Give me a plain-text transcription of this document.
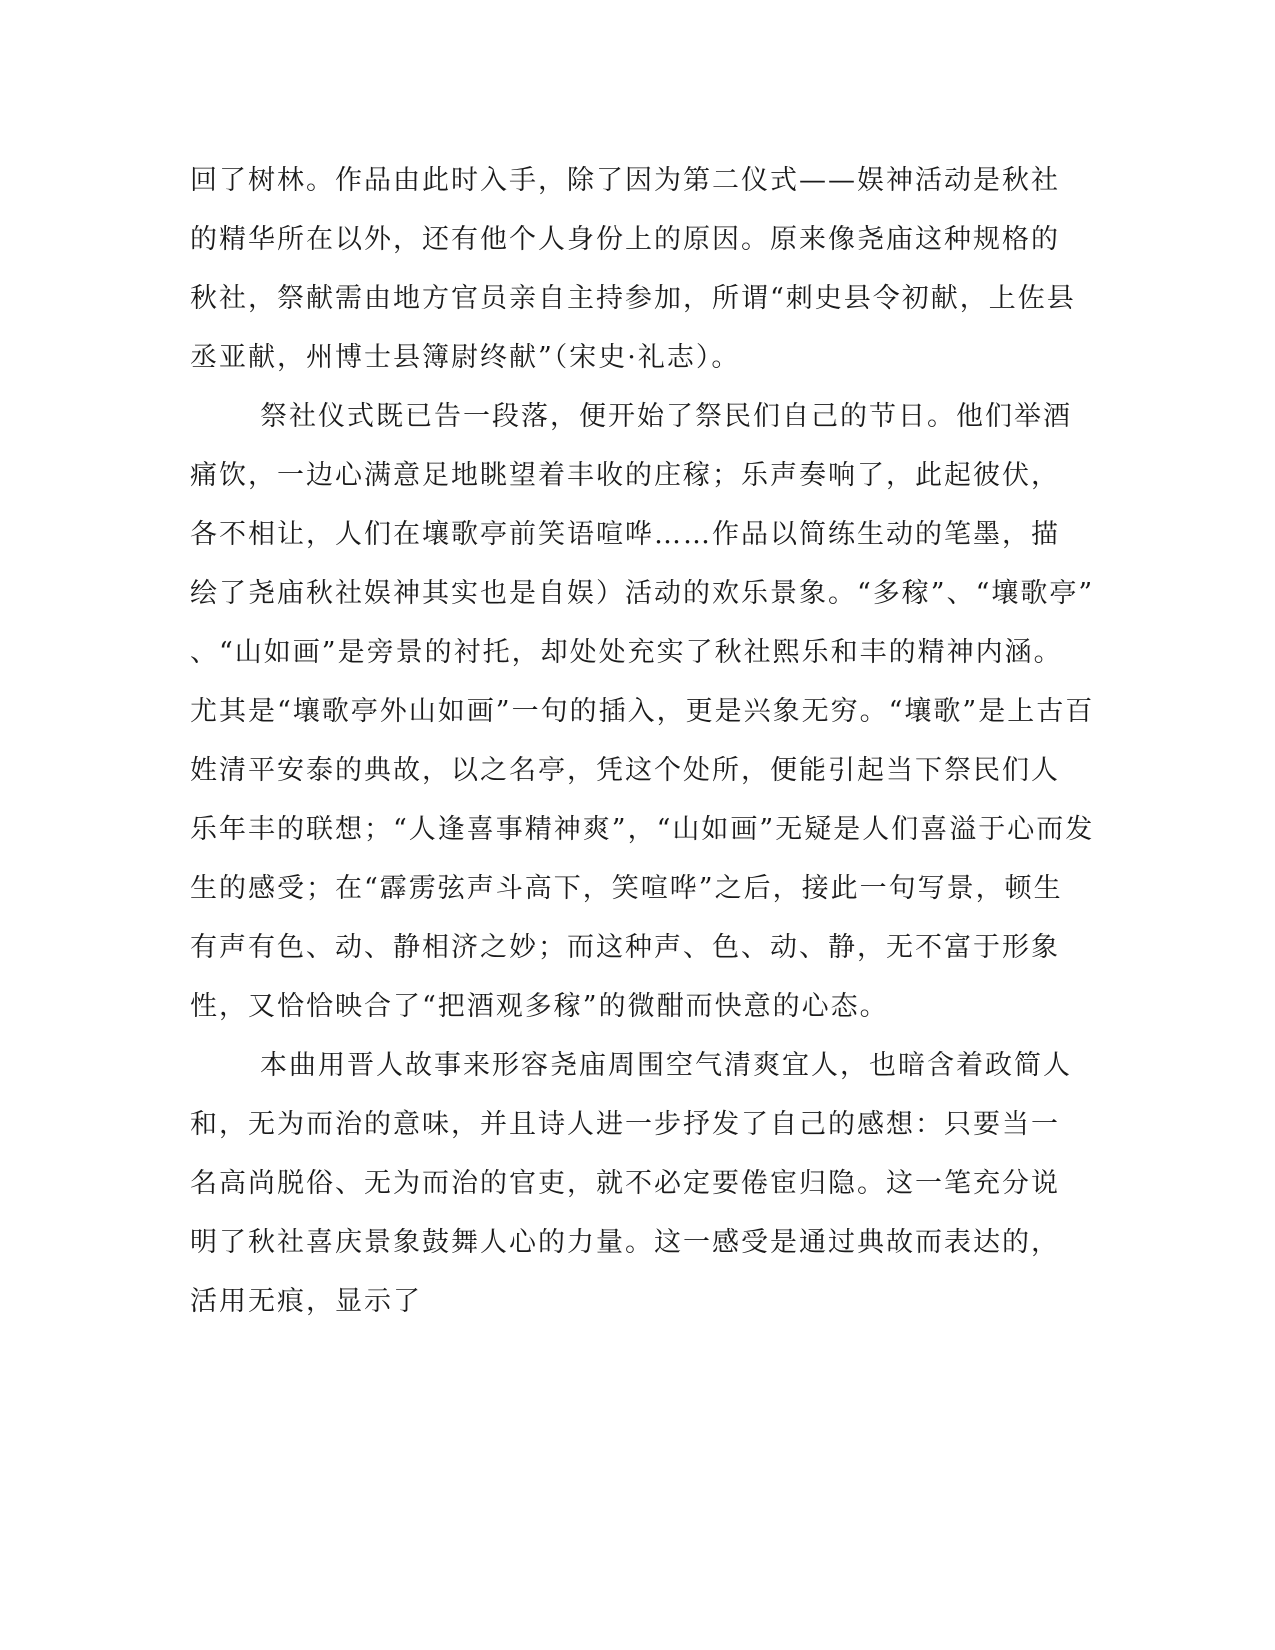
回了树林。作品由此时入手，除了因为第二仪式——娱神活动是秋社
的精华所在以外，还有他个人身份上的原因。原来像尧庙这种规格的
秋社，祭献需由地方官员亲自主持参加，所谓“刺史县令初献，上佐县
丞亚献，州博士县簿尉终献”（宋史·礼志）。
祭社仪式既已告一段落，便开始了祭民们自己的节日。他们举酒
痛饮，一边心满意足地眺望着丰收的庄稼；乐声奏响了，此起彼伏，
各不相让，人们在壤歌亭前笑语喧哗……作品以简练生动的笔墨，描
绘了尧庙秋社娱神其实也是自娱）活动的欢乐景象。“多稼”、“壤歌亭”
、“山如画”是旁景的衬托，却处处充实了秋社熙乐和丰的精神内涵。
尤其是“壤歌亭外山如画”一句的插入，更是兴象无穷。“壤歌”是上古百
姓清平安泰的典故，以之名亭，凭这个处所，便能引起当下祭民们人
乐年丰的联想；“人逢喜事精神爽”，“山如画”无疑是人们喜溢于心而发
生的感受；在“霹雳弦声斗高下，笑喧哗”之后，接此一句写景，顿生
有声有色、动、静相济之妙；而这种声、色、动、静，无不富于形象
性，又恰恰映合了“把酒观多稼”的微酣而快意的心态。
本曲用晋人故事来形容尧庙周围空气清爽宜人，也暗含着政简人
和，无为而治的意味，并且诗人进一步抒发了自己的感想：只要当一
名高尚脱俗、无为而治的官吏，就不必定要倦宦归隐。这一笔充分说
明了秋社喜庆景象鼓舞人心的力量。这一感受是通过典故而表达的，
活用无痕，显示了
